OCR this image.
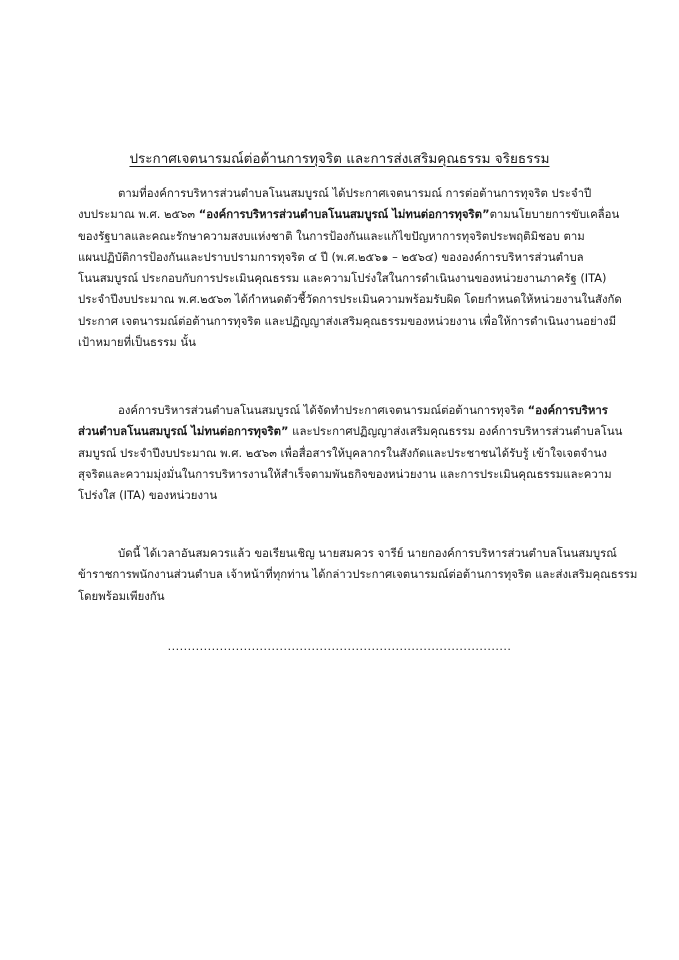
ประกาศเจตนารมณ์ต่อต้านการทุจริต และการส่งเสริมคุณธรรม จริยธรรม
ตามที่องค์การบริหารส่วนตำบลโนนสมบูรณ์ ได้ประกาศเจตนารมณ์ การต่อต้านการทุจริต ประจำปี
งบประมาณ พ.ศ. ๒๕๖๓ “องค์การบริหารส่วนตำบลโนนสมบูรณ์ ไม่ทนต่อการทุจริต”ตามนโยบายการขับเคลื่อน
ของรัฐบาลและคณะรักษาความสงบแห่งชาติ ในการป้องกันและแก้ไขปัญหาการทุจริตประพฤติมิชอบ ตาม
แผนปฏิบัติการป้องกันและปราบปรามการทุจริต ๔ ปี (พ.ศ.๒๕๖๑ – ๒๕๖๔) ขององค์การบริหารส่วนตำบล
โนนสมบูรณ์ ประกอบกับการประเมินคุณธรรม และความโปร่งใสในการดำเนินงานของหน่วยงานภาครัฐ (ITA)
ประจำปีงบประมาณ พ.ศ.๒๕๖๓ ได้กำหนดตัวชี้วัดการประเมินความพร้อมรับผิด โดยกำหนดให้หน่วยงานในสังกัด
ประกาศ เจตนารมณ์ต่อต้านการทุจริต และปฏิญญาส่งเสริมคุณธรรมของหน่วยงาน เพื่อให้การดำเนินงานอย่างมี
เป้าหมายที่เป็นธรรม นั้น
องค์การบริหารส่วนตำบลโนนสมบูรณ์ ได้จัดทำประกาศเจตนารมณ์ต่อต้านการทุจริต “องค์การบริหาร
ส่วนตำบลโนนสมบูรณ์ ไม่ทนต่อการทุจริต” และประกาศปฏิญญาส่งเสริมคุณธรรม องค์การบริหารส่วนตำบลโนน
สมบูรณ์ ประจำปีงบประมาณ พ.ศ. ๒๕๖๓ เพื่อสื่อสารให้บุคลากรในสังกัดและประชาชนได้รับรู้ เข้าใจเจตจำนง
สุจริตและความมุ่งมั่นในการบริหารงานให้สำเร็จตามพันธกิจของหน่วยงาน และการประเมินคุณธรรมและความ
โปร่งใส (ITA) ของหน่วยงาน
บัดนี้ ได้เวลาอันสมควรแล้ว ขอเรียนเชิญ นายสมควร จารีย์ นายกองค์การบริหารส่วนตำบลโนนสมบูรณ์
ข้าราชการพนักงานส่วนตำบล เจ้าหน้าที่ทุกท่าน ได้กล่าวประกาศเจตนารมณ์ต่อต้านการทุจริต และส่งเสริมคุณธรรม
โดยพร้อมเพียงกัน
......................................................................................
